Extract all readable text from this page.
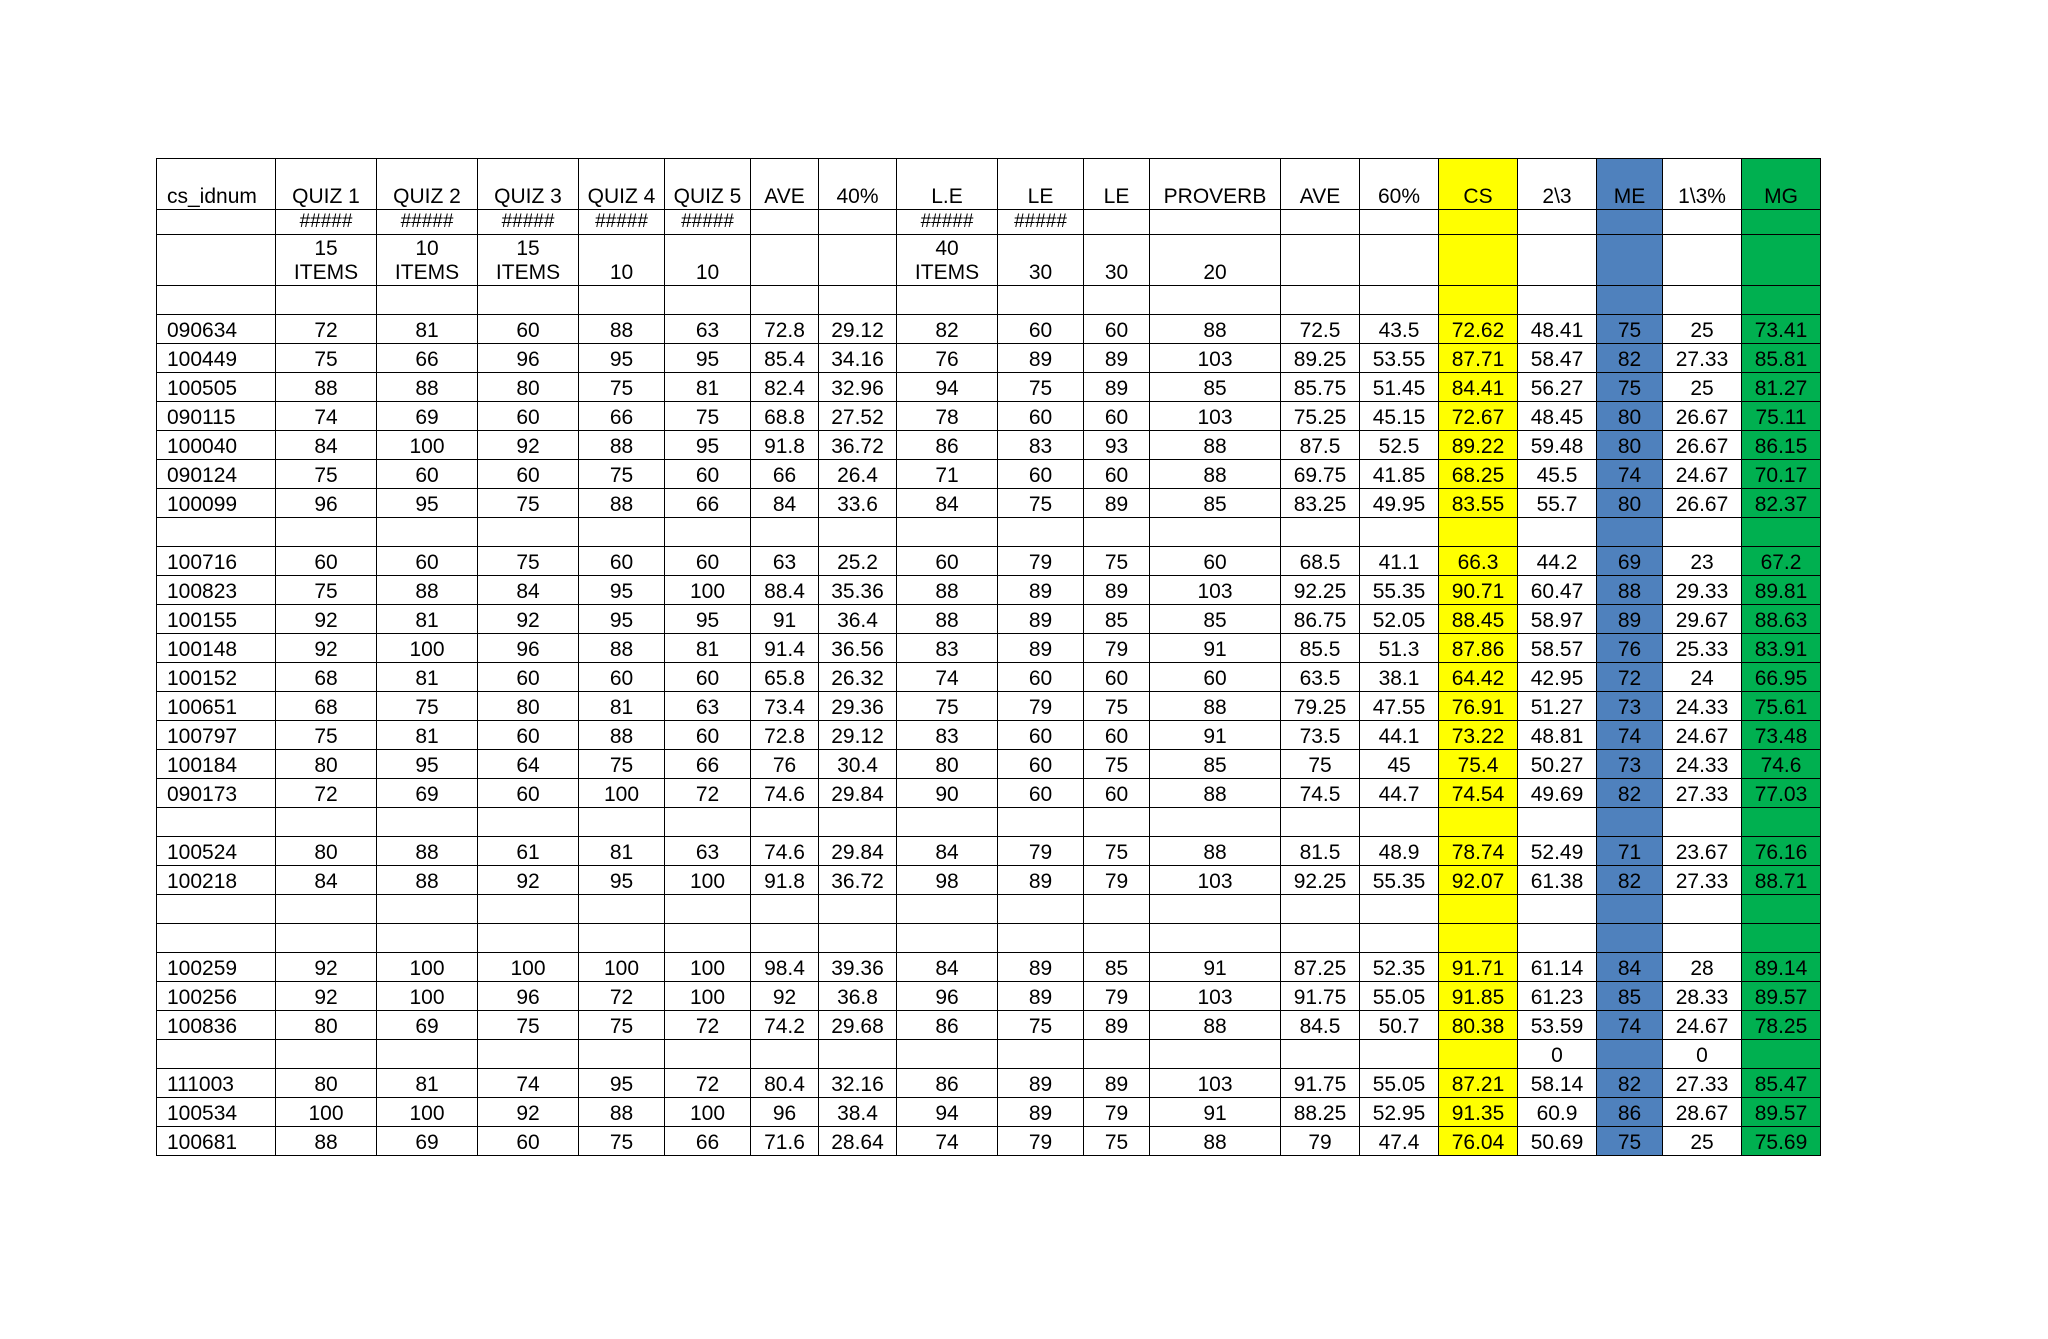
cs_idnum	QUIZ 1	QUIZ 2	QUIZ 3	QUIZ 4	QUIZ 5	AVE	40%	L.E	LE	LE	PROVERB	AVE	60%	CS	2\3	ME	1\3%	MG
	#####	#####	#####	#####	#####			#####	#####									
	15 ITEMS	10 ITEMS	15 ITEMS	10	10			40 ITEMS	30	30	20							

090634	72	81	60	88	63	72.8	29.12	82	60	60	88	72.5	43.5	72.62	48.41	75	25	73.41
100449	75	66	96	95	95	85.4	34.16	76	89	89	103	89.25	53.55	87.71	58.47	82	27.33	85.81
100505	88	88	80	75	81	82.4	32.96	94	75	89	85	85.75	51.45	84.41	56.27	75	25	81.27
090115	74	69	60	66	75	68.8	27.52	78	60	60	103	75.25	45.15	72.67	48.45	80	26.67	75.11
100040	84	100	92	88	95	91.8	36.72	86	83	93	88	87.5	52.5	89.22	59.48	80	26.67	86.15
090124	75	60	60	75	60	66	26.4	71	60	60	88	69.75	41.85	68.25	45.5	74	24.67	70.17
100099	96	95	75	88	66	84	33.6	84	75	89	85	83.25	49.95	83.55	55.7	80	26.67	82.37

100716	60	60	75	60	60	63	25.2	60	79	75	60	68.5	41.1	66.3	44.2	69	23	67.2
100823	75	88	84	95	100	88.4	35.36	88	89	89	103	92.25	55.35	90.71	60.47	88	29.33	89.81
100155	92	81	92	95	95	91	36.4	88	89	85	85	86.75	52.05	88.45	58.97	89	29.67	88.63
100148	92	100	96	88	81	91.4	36.56	83	89	79	91	85.5	51.3	87.86	58.57	76	25.33	83.91
100152	68	81	60	60	60	65.8	26.32	74	60	60	60	63.5	38.1	64.42	42.95	72	24	66.95
100651	68	75	80	81	63	73.4	29.36	75	79	75	88	79.25	47.55	76.91	51.27	73	24.33	75.61
100797	75	81	60	88	60	72.8	29.12	83	60	60	91	73.5	44.1	73.22	48.81	74	24.67	73.48
100184	80	95	64	75	66	76	30.4	80	60	75	85	75	45	75.4	50.27	73	24.33	74.6
090173	72	69	60	100	72	74.6	29.84	90	60	60	88	74.5	44.7	74.54	49.69	82	27.33	77.03

100524	80	88	61	81	63	74.6	29.84	84	79	75	88	81.5	48.9	78.74	52.49	71	23.67	76.16
100218	84	88	92	95	100	91.8	36.72	98	89	79	103	92.25	55.35	92.07	61.38	82	27.33	88.71

100259	92	100	100	100	100	98.4	39.36	84	89	85	91	87.25	52.35	91.71	61.14	84	28	89.14
100256	92	100	96	72	100	92	36.8	96	89	79	103	91.75	55.05	91.85	61.23	85	28.33	89.57
100836	80	69	75	75	72	74.2	29.68	86	75	89	88	84.5	50.7	80.38	53.59	74	24.67	78.25
															0		0	
111003	80	81	74	95	72	80.4	32.16	86	89	89	103	91.75	55.05	87.21	58.14	82	27.33	85.47
100534	100	100	92	88	100	96	38.4	94	89	79	91	88.25	52.95	91.35	60.9	86	28.67	89.57
100681	88	69	60	75	66	71.6	28.64	74	79	75	88	79	47.4	76.04	50.69	75	25	75.69
